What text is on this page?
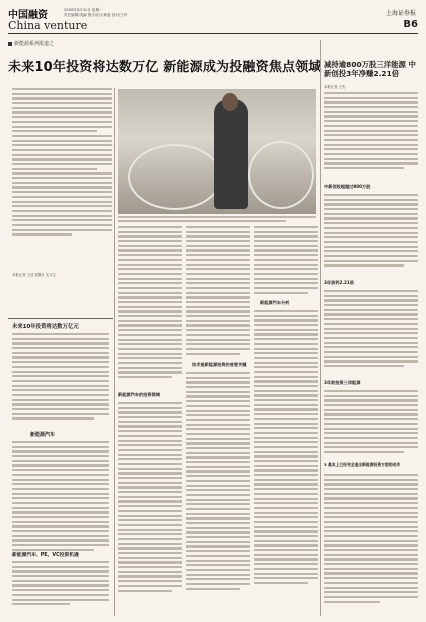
中国融资	2009年5月31日 星期一
责任编辑/美编 版式设计/黄惠 校对/王玲	上海证券报
China venture	B6
新能源系列报道之
未来10年投资将达数万亿 新能源成为投融资焦点领域
本报记者 王佳 张馨月 实习生
未来10年投资将达数万亿元
新能源汽车
新能源汽车、PE、VC投资机遇
新能源汽车的投资领域
技术是新能源投资的首要关键
新能源汽车分析
减持逾800万股三洋能源 中新创投3年净赚2.21倍
本报记者 王杰
中新创投超越过800万股
3年获利2.21倍
3年前投资三洋能源
3 基本上已经完全退出新能源投资方面的动作
